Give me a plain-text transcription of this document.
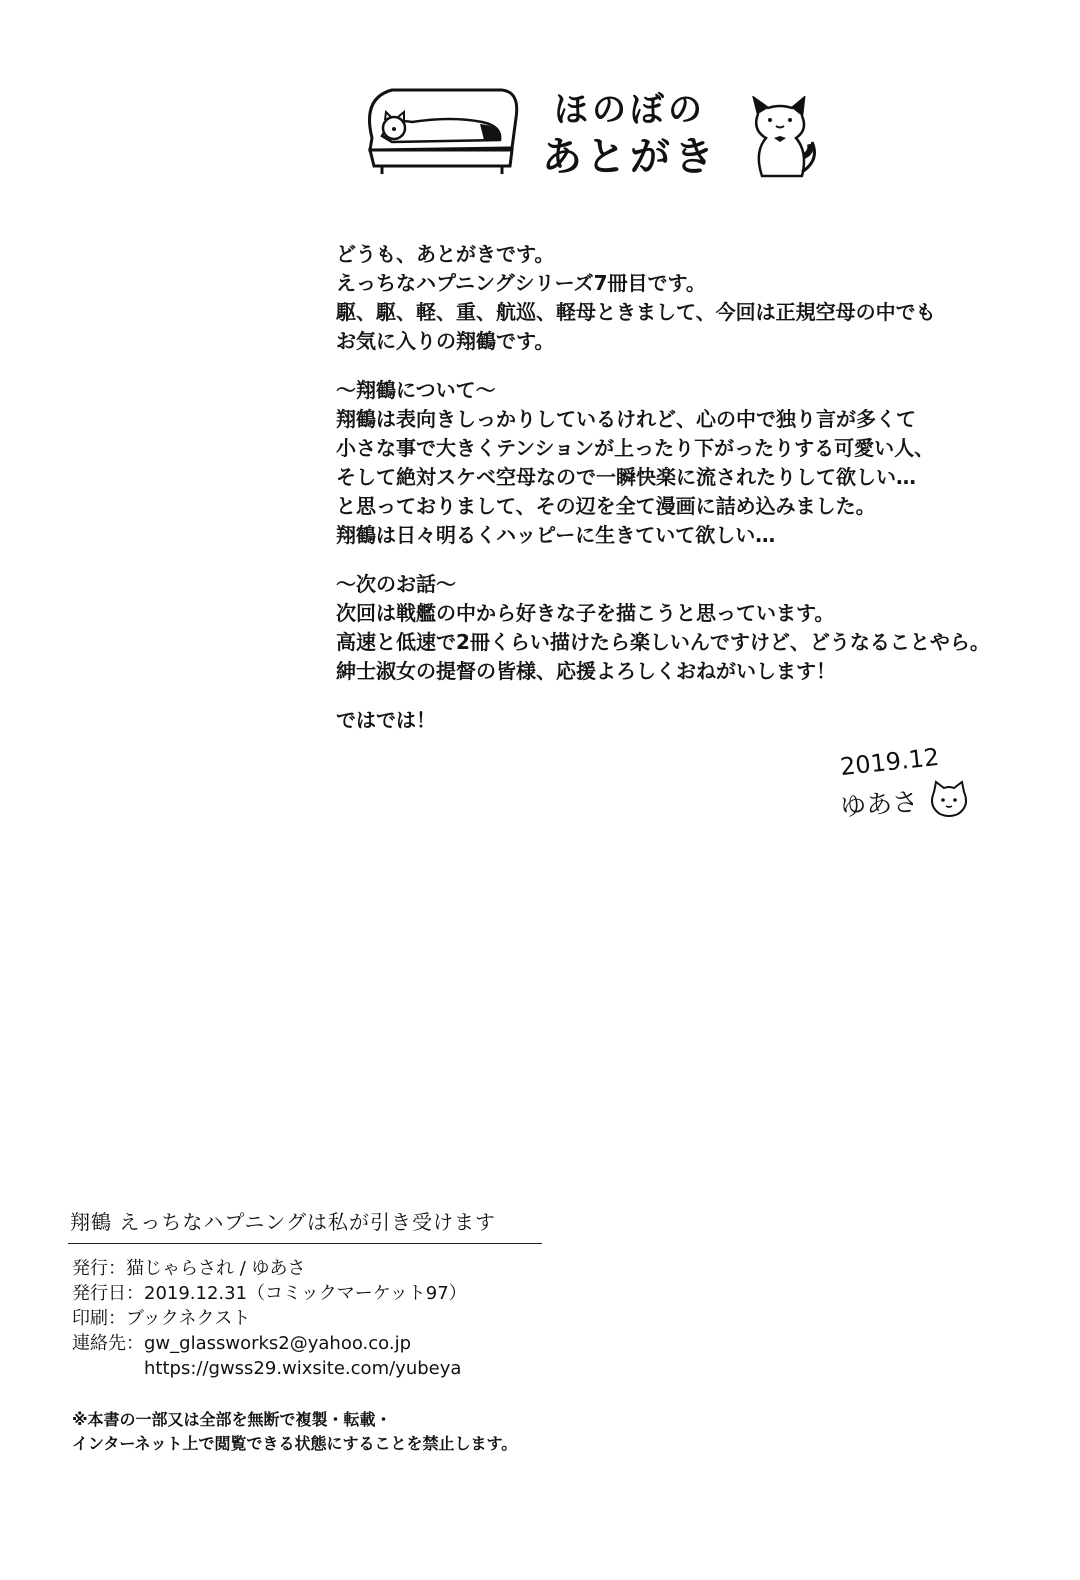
ほのぼの
あとがき
どうも、あとがきです。
えっちなハプニングシリーズ7冊目です。
駆、駆、軽、重、航巡、軽母ときまして、今回は正規空母の中でも
お気に入りの翔鶴です。
～翔鶴について～
翔鶴は表向きしっかりしているけれど、心の中で独り言が多くて
小さな事で大きくテンションが上ったり下がったりする可愛い人、
そして絶対スケベ空母なので一瞬快楽に流されたりして欲しい…
と思っておりまして、その辺を全て漫画に詰め込みました。
翔鶴は日々明るくハッピーに生きていて欲しい…
～次のお話～
次回は戦艦の中から好きな子を描こうと思っています。
高速と低速で2冊くらい描けたら楽しいんですけど、どうなることやら。
紳士淑女の提督の皆様、応援よろしくおねがいします！
ではでは！
2019.12
ゆあさ
翔鶴 えっちなハプニングは私が引き受けます
発行：猫じゃらされ / ゆあさ
発行日：2019.12.31（コミックマーケット97）
印刷：ブックネクスト
連絡先：gw_glassworks2@yahoo.co.jp
https://gwss29.wixsite.com/yubeya
※本書の一部又は全部を無断で複製・転載・
インターネット上で閲覧できる状態にすることを禁止します。
